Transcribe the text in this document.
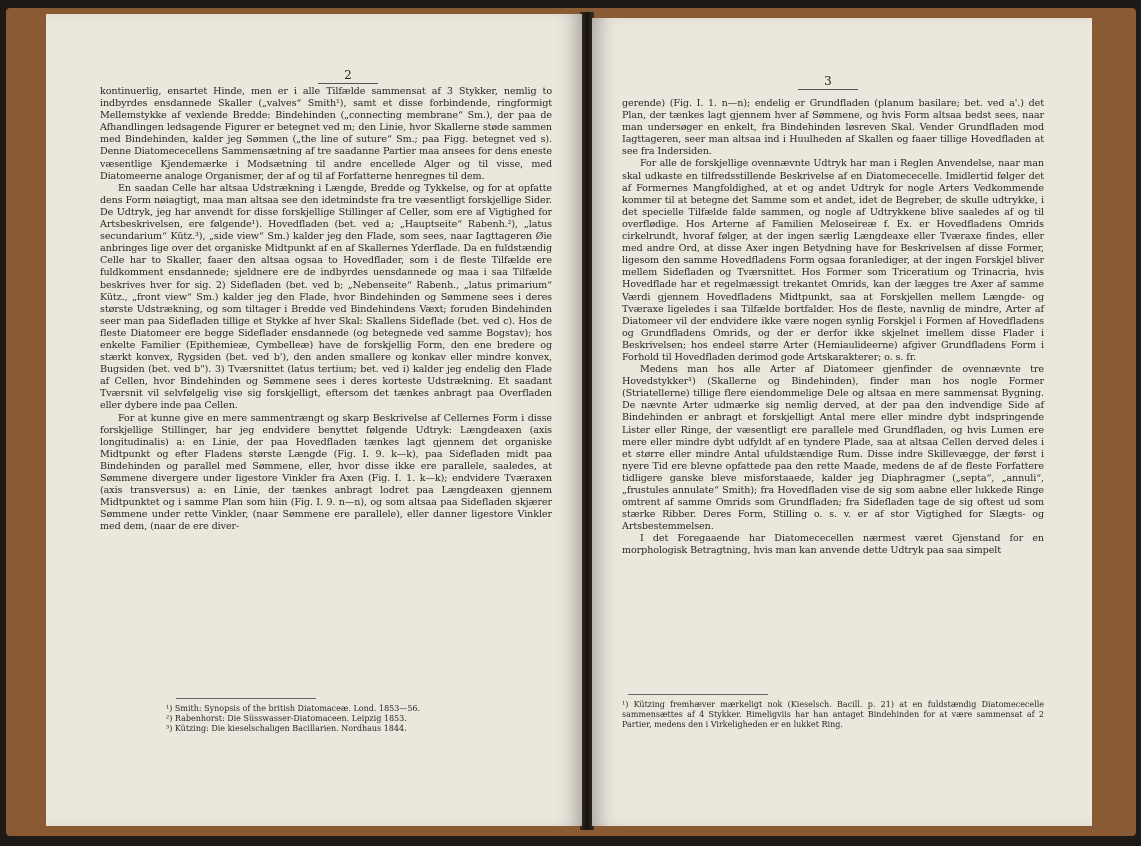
2

kontinuerlig, ensartet Hinde, men er i alle Tilfælde sammensat af 3 Stykker, nemlig to indbyrdes ensdannede Skaller („valves“ Smith¹), samt et disse forbindende, ringformigt Mellemstykke af vexlende Bredde: Bindehinden („connecting membrane“ Sm.), der paa de Afhandlingen ledsagende Figurer er betegnet ved m; den Linie, hvor Skallerne støde sammen med Bindehinden, kalder jeg Sømmen („the line of suture“ Sm.; paa Figg. betegnet ved s). Denne Diatomececellens Sammensætning af tre saadanne Partier maa ansees for dens eneste væsentlige Kjendemærke i Modsætning til andre encellede Alger og til visse, med Diatomeerne analoge Organismer, der af og til af Forfatterne henregnes til dem.

En saadan Celle har altsaa Udstrækning i Længde, Bredde og Tykkelse, og for at opfatte dens Form nøiagtigt, maa man altsaa see den idetmindste fra tre væsentligt forskjellige Sider. De Udtryk, jeg har anvendt for disse forskjellige Stillinger af Celler, som ere af Vigtighed for Artsbeskrivelsen, ere følgende¹). Hovedfladen (bet. ved a; „Hauptseite“ Rabenh.²), „latus secundarium“ Kütz.³), „side view“ Sm.) kalder jeg den Flade, som sees, naar Iagttageren Øie anbringes lige over det organiske Midtpunkt af en af Skallernes Yderflade. Da en fuldstændig Celle har to Skaller, faaer den altsaa ogsaa to Hovedflader, som i de fleste Tilfælde ere fuldkomment ensdannede; sjeldnere ere de indbyrdes uensdannede og maa i saa Tilfælde beskrives hver for sig. 2) Sidefladen (bet. ved b; „Nebenseite“ Rabenh., „latus primarium“ Kütz., „front view“ Sm.) kalder jeg den Flade, hvor Bindehinden og Sømmene sees i deres største Udstrækning, og som tiltager i Bredde ved Bindehindens Væxt; foruden Bindehinden seer man paa Sidefladen tillige et Stykke af hver Skal: Skallens Sideflade (bet. ved c). Hos de fleste Diatomeer ere begge Sideflader ensdannede (og betegnede ved samme Bogstav); hos enkelte Familier (Epithemieæ, Cymbelleæ) have de forskjellig Form, den ene bredere og stærkt konvex, Rygsiden (bet. ved b'), den anden smallere og konkav eller mindre konvex, Bugsiden (bet. ved b"). 3) Tværsnittet (latus tertium; bet. ved i) kalder jeg endelig den Flade af Cellen, hvor Bindehinden og Sømmene sees i deres korteste Udstrækning. Et saadant Tværsnit vil selvfølgelig vise sig forskjelligt, eftersom det tænkes anbragt paa Overfladen eller dybere inde paa Cellen.

For at kunne give en mere sammentrængt og skarp Beskrivelse af Cellernes Form i disse forskjellige Stillinger, har jeg endvidere benyttet følgende Udtryk: Længdeaxen (axis longitudinalis) a: en Linie, der paa Hovedfladen tænkes lagt gjennem det organiske Midtpunkt og efter Fladens største Længde (Fig. I. 9. k—k), paa Sidefladen midt paa Bindehinden og parallel med Sømmene, eller, hvor disse ikke ere parallele, saaledes, at Sømmene divergere under ligestore Vinkler fra Axen (Fig. I. 1. k—k); endvidere Tværaxen (axis transversus) a: en Linie, der tænkes anbragt lodret paa Længdeaxen gjennem Midtpunktet og i samme Plan som hiin (Fig. I. 9. n—n), og som altsaa paa Sidefladen skjærer Sømmene under rette Vinkler, (naar Sømmene ere parallele), eller danner ligestore Vinkler med dem, (naar de ere diver-

¹) Smith: Synopsis of the british Diatomaceæ. Lond. 1853—56.

²) Rabenhorst: Die Süsswasser-Diatomaceen. Leipzig 1853.

³) Kützing: Die kieselschaligen Bacillarien. Nordhaus 1844.

3

gerende) (Fig. I. 1. n—n); endelig er Grundfladen (planum basilare; bet. ved a'.) det Plan, der tænkes lagt gjennem hver af Sømmene, og hvis Form altsaa bedst sees, naar man undersøger en enkelt, fra Bindehinden løsreven Skal. Vender Grundfladen mod Iagttageren, seer man altsaa ind i Huulheden af Skallen og faaer tillige Hovedfladen at see fra Indersiden.

For alle de forskjellige ovennævnte Udtryk har man i Reglen Anvendelse, naar man skal udkaste en tilfredsstillende Beskrivelse af en Diatomececelle. Imidlertid følger det af Formernes Mangfoldighed, at et og andet Udtryk for nogle Arters Vedkommende kommer til at betegne det Samme som et andet, idet de Begreber, de skulle udtrykke, i det specielle Tilfælde falde sammen, og nogle af Udtrykkene blive saaledes af og til overflødige. Hos Arterne af Familien Meloseireæ f. Ex. er Hovedfladens Omrids cirkelrundt, hvoraf følger, at der ingen særlig Længdeaxe eller Tværaxe findes, eller med andre Ord, at disse Axer ingen Betydning have for Beskrivelsen af disse Former, ligesom den samme Hovedfladens Form ogsaa foranlediger, at der ingen Forskjel bliver mellem Sidefladen og Tværsnittet. Hos Former som Triceratium og Trinacria, hvis Hovedflade har et regelmæssigt trekantet Omrids, kan der lægges tre Axer af samme Værdi gjennem Hovedfladens Midtpunkt, saa at Forskjellen mellem Længde- og Tværaxe ligeledes i saa Tilfælde bortfalder. Hos de fleste, navnlig de mindre, Arter af Diatomeer vil der endvidere ikke være nogen synlig Forskjel i Formen af Hovedfladens og Grundfladens Omrids, og der er derfor ikke skjelnet imellem disse Flader i Beskrivelsen; hos endeel større Arter (Hemiaulideerne) afgiver Grundfladens Form i Forhold til Hovedfladen derimod gode Artskarakterer; o. s. fr.

Medens man hos alle Arter af Diatomeer gjenfinder de ovennævnte tre Hovedstykker¹) (Skallerne og Bindehinden), finder man hos nogle Former (Striatellerne) tillige flere eiendommelige Dele og altsaa en mere sammensat Bygning. De nævnte Arter udmærke sig nemlig derved, at der paa den indvendige Side af Bindehinden er anbragt et forskjelligt Antal mere eller mindre dybt indspringende Lister eller Ringe, der væsentligt ere parallele med Grundfladen, og hvis Lumen ere mere eller mindre dybt udfyldt af en tyndere Plade, saa at altsaa Cellen derved deles i et større eller mindre Antal ufuldstændige Rum. Disse indre Skillevægge, der først i nyere Tid ere blevne opfattede paa den rette Maade, medens de af de fleste Forfattere tidligere ganske bleve misforstaaede, kalder jeg Diaphragmer („septa“, „annuli“, „frustules annulate“ Smith); fra Hovedfladen vise de sig som aabne eller lukkede Ringe omtrent af samme Omrids som Grundfladen; fra Sidefladen tage de sig oftest ud som stærke Ribber. Deres Form, Stilling o. s. v. er af stor Vigtighed for Slægts- og Artsbestemmelsen.

I det Foregaaende har Diatomececellen nærmest været Gjenstand for en morphologisk Betragtning, hvis man kan anvende dette Udtryk paa saa simpelt

¹) Kützing fremhæver mærkeligt nok (Kieselsch. Bacill. p. 21) at en fuldstændig Diatomececelle sammensættes af 4 Stykker. Rimeligviis har han antaget Bindehinden for at være sammensat af 2 Partier, medens den i Virkeligheden er en lukket Ring.
